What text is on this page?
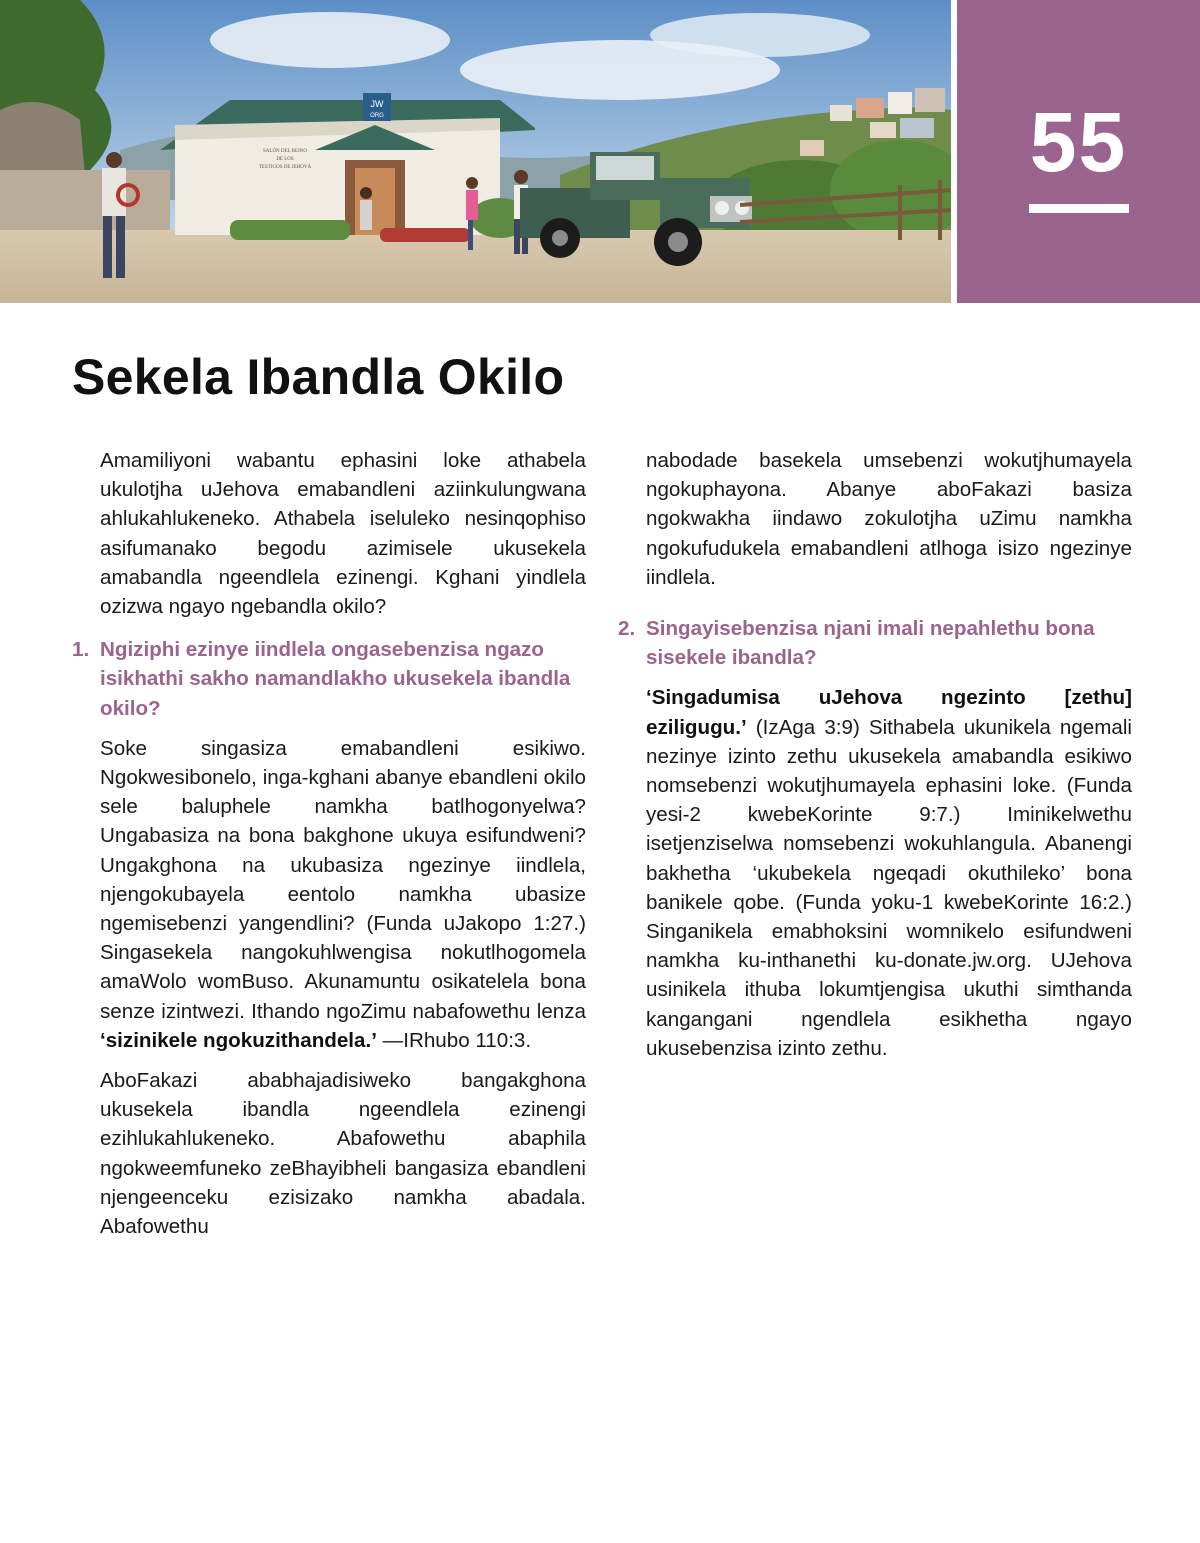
JW
ORG
SALÓN DEL REINO
DE LOS
TESTIGOS DE JEHOVÁ	55
Sekela Ibandla Okilo

Amamiliyoni wabantu ephasini loke athabela ukulotjha uJehova emabandleni aziinkulungwana ahlukahlukeneko. Athabela iseluleko nesinqophiso asifumanako begodu azimisele ukusekela amabandla ngeendlela ezinengi. Kghani yindlela ozizwa ngayo ngebandla okilo?

1. Ngiziphi ezinye iindlela ongasebenzisa ngazo isikhathi sakho namandlakho ukusekela ibandla okilo?

Soke singasiza emabandleni esikiwo. Ngokwesibonelo, inga-kghani abanye ebandleni okilo sele baluphele namkha batlhogonyelwa? Ungabasiza na bona bakghone ukuya esifundweni? Ungakghona na ukubasiza ngezinye iindlela, njengokubayela eentolo namkha ubasize ngemisebenzi yangendlini? (Funda uJakopo 1:27.) Singasekela nangokuhlwengisa nokutlhogomela amaWolo womBuso. Akunamuntu osikatelela bona senze izintwezi. Ithando ngoZimu nabafowethu lenza ‘sizinikele ngokuzithandela.’ —IRhubo 110:3.

AboFakazi ababhajadisiweko bangakghona ukusekela ibandla ngeendlela ezinengi ezihlukahlukeneko. Abafowethu abaphila ngokweemfuneko zeBhayibheli bangasiza ebandleni njengeenceku ezisizako namkha abadala. Abafowethu

nabodade basekela umsebenzi wokutjhumayela ngokuphayona. Abanye aboFakazi basiza ngokwakha iindawo zokulotjha uZimu namkha ngokufudukela emabandleni atlhoga isizo ngezinye iindlela.

2. Singayisebenzisa njani imali nepahlethu bona sisekele ibandla?

‘Singadumisa uJehova ngezinto [zethu] eziligugu.’ (IzAga 3:9) Sithabela ukunikela ngemali nezinye izinto zethu ukusekela amabandla esikiwo nomsebenzi wokutjhumayela ephasini loke. (Funda yesi-2 kwebeKorinte 9:7.) Iminikelwethu isetjenziselwa nomsebenzi wokuhlangula. Abanengi bakhetha ‘ukubekela ngeqadi okuthileko’ bona banikele qobe. (Funda yoku-1 kwebeKorinte 16:2.) Singanikela emabhoksini womnikelo esifundweni namkha ku-inthanethi ku-donate.jw.org. UJehova usinikela ithuba lokumtjengisa ukuthi simthanda kangangani ngendlela esikhetha ngayo ukusebenzisa izinto zethu.
